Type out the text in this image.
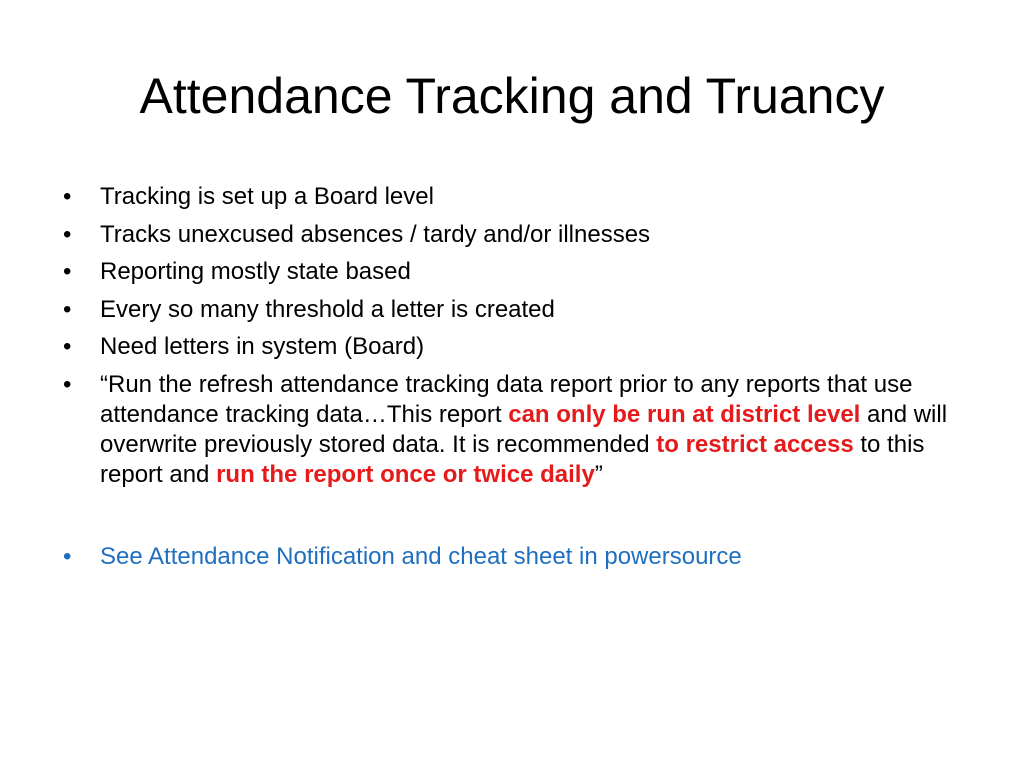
Attendance Tracking and Truancy
•	Tracking is set up a Board level
•	Tracks unexcused absences / tardy and/or illnesses
•	Reporting mostly state based
•	Every so many threshold a letter is created
•	Need letters in system (Board)
•	“Run the refresh attendance tracking data report prior to any reports that use attendance tracking data…This report can only be run at district level and will overwrite previously stored data. It is recommended to restrict access to this report and run the report once or twice daily”
•	See Attendance Notification and cheat sheet in powersource
